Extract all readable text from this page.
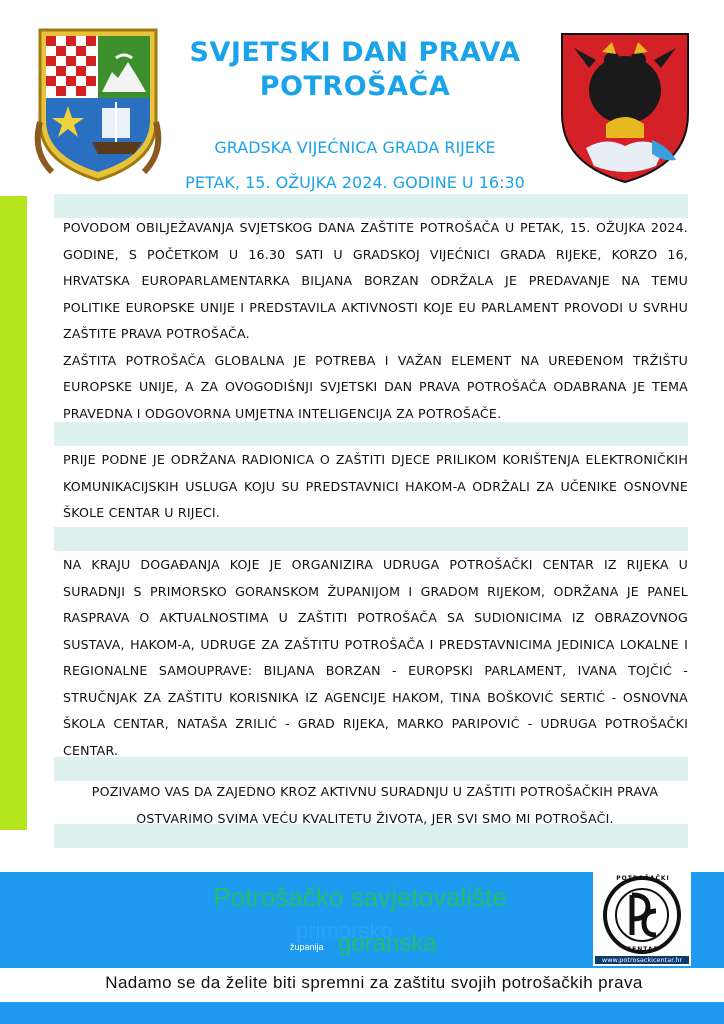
SVJETSKI DAN PRAVA
POTROŠAČA
GRADSKA VIJEĆNICA GRADA RIJEKE
PETAK, 15. OŽUJKA 2024. GODINE U 16:30

POVODOM OBILJEŽAVANJA SVJETSKOG DANA ZAŠTITE POTROŠAČA U PETAK, 15. OŽUJKA 2024. GODINE, S POČETKOM U 16.30 SATI U GRADSKOJ VIJEĆNICI GRADA RIJEKE, KORZO 16, HRVATSKA EUROPARLAMENTARKA BILJANA BORZAN ODRŽALA JE PREDAVANJE NA TEMU POLITIKE EUROPSKE UNIJE I PREDSTAVILA AKTIVNOSTI KOJE EU PARLAMENT PROVODI U SVRHU ZAŠTITE PRAVA POTROŠAČA.

ZAŠTITA POTROŠAČA GLOBALNA JE POTREBA I VAŽAN ELEMENT NA UREĐENOM TRŽIŠTU EUROPSKE UNIJE, A ZA OVOGODIŠNJI SVJETSKI DAN PRAVA POTROŠAČA ODABRANA JE TEMA PRAVEDNA I ODGOVORNA UMJETNA INTELIGENCIJA ZA POTROŠAČE.

PRIJE PODNE JE ODRŽANA RADIONICA O ZAŠTITI DJECE PRILIKOM KORIŠTENJA ELEKTRONIČKIH KOMUNIKACIJSKIH USLUGA KOJU SU PREDSTAVNICI HAKOM-A ODRŽALI ZA UČENIKE OSNOVNE ŠKOLE CENTAR U RIJECI.

NA KRAJU DOGAĐANJA KOJE JE ORGANIZIRA UDRUGA POTROŠAČKI CENTAR IZ RIJEKA U SURADNJI S PRIMORSKO GORANSKOM ŽUPANIJOM I GRADOM RIJEKOM, ODRŽANA JE PANEL RASPRAVA O AKTUALNOSTIMA U ZAŠTITI POTROŠAČA SA SUDIONICIMA IZ OBRAZOVNOG SUSTAVA, HAKOM-A, UDRUGE ZA ZAŠTITU POTROŠAČA I PREDSTAVNICIMA JEDINICA LOKALNE I REGIONALNE SAMOUPRAVE: BILJANA BORZAN - EUROPSKI PARLAMENT, IVANA TOJČIĆ - STRUČNJAK ZA ZAŠTITU KORISNIKA IZ AGENCIJE HAKOM, TINA BOŠKOVIĆ SERTIĆ - OSNOVNA ŠKOLA CENTAR, NATAŠA ZRILIĆ - GRAD RIJEKA, MARKO PARIPOVIĆ - UDRUGA POTROŠAČKI CENTAR.

POZIVAMO VAS DA ZAJEDNO KROZ AKTIVNU SURADNJU U ZAŠTITI POTROŠAČKIH PRAVA OSTVARIMO SVIMA VEĆU KVALITETU ŽIVOTA, JER SVI SMO MI POTROŠAČI.

Potrošačko savjetovalište
županija
primorsko
goranska
POTROŠAČKI
CENTAR
www.potrosackicentar.hr
Nadamo se da želite biti spremni za zaštitu svojih potrošačkih prava
